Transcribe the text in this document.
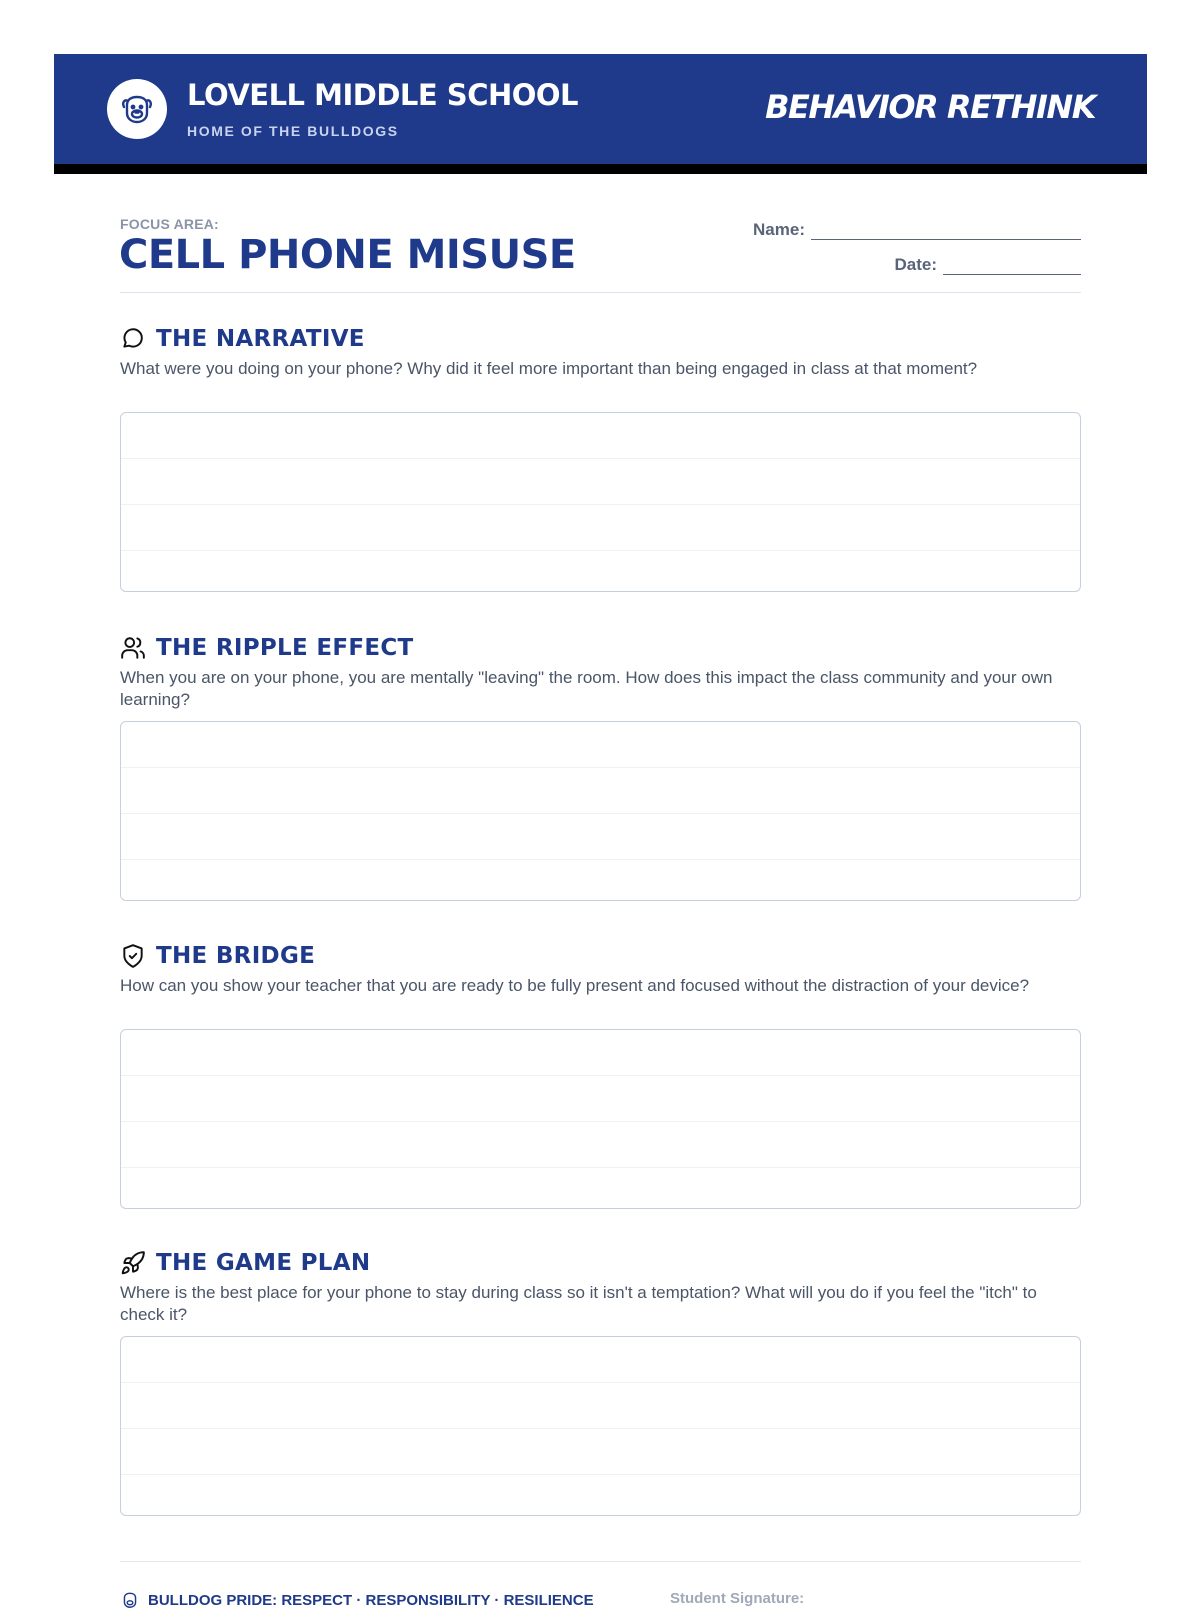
LOVELL MIDDLE SCHOOL
HOME OF THE BULLDOGS
BEHAVIOR RETHINK
FOCUS AREA:
CELL PHONE MISUSE
Name:
Date:
THE NARRATIVE
What were you doing on your phone? Why did it feel more important than being engaged in class at that moment?
THE RIPPLE EFFECT
When you are on your phone, you are mentally "leaving" the room. How does this impact the class community and your own learning?
THE BRIDGE
How can you show your teacher that you are ready to be fully present and focused without the distraction of your device?
THE GAME PLAN
Where is the best place for your phone to stay during class so it isn't a temptation? What will you do if you feel the "itch" to check it?
BULLDOG PRIDE: RESPECT · RESPONSIBILITY · RESILIENCE	Student Signature:
